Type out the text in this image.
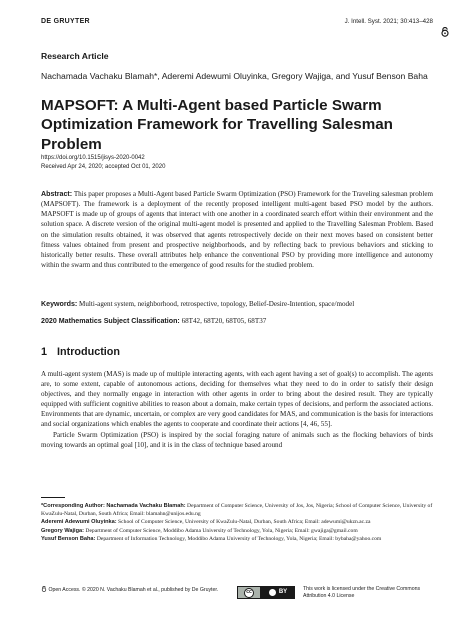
DE GRUYTER	J. Intell. Syst. 2021; 30:413–428
Research Article
Nachamada Vachaku Blamah*, Aderemi Adewumi Oluyinka, Gregory Wajiga, and Yusuf Benson Baha
MAPSOFT: A Multi-Agent based Particle Swarm Optimization Framework for Travelling Salesman Problem
https://doi.org/10.1515/jisys-2020-0042
Received Apr 24, 2020; accepted Oct 01, 2020
Abstract: This paper proposes a Multi-Agent based Particle Swarm Optimization (PSO) Framework for the Traveling salesman problem (MAPSOFT). The framework is a deployment of the recently proposed intelligent multi-agent based PSO model by the authors. MAPSOFT is made up of groups of agents that interact with one another in a coordinated search effort within their environment and the solution space. A discrete version of the original multi-agent model is presented and applied to the Travelling Salesman Problem. Based on the simulation results obtained, it was observed that agents retrospectively decide on their next moves based on consistent better fitness values obtained from present and prospective neighborhoods, and by reflecting back to previous behaviors and sticking to historically better results. These overall attributes help enhance the conventional PSO by providing more intelligence and autonomy within the swarm and thus contributed to the emergence of good results for the studied problem.
Keywords: Multi-agent system, neighborhood, retrospective, topology, Belief-Desire-Intention, space/model
2020 Mathematics Subject Classification: 68T42, 68T20, 68T05, 68T37
1 Introduction

A multi-agent system (MAS) is made up of multiple interacting agents, with each agent having a set of goal(s) to accomplish. The agents are, to some extent, capable of autonomous actions, deciding for themselves what they need to do in order to satisfy their design objectives, and they normally engage in interaction with other agents in order to bring about the desired result. They are typically equipped with sufficient cognitive abilities to reason about a domain, make certain types of decisions, and perform the associated actions. Environments that are dynamic, uncertain, or complex are very good candidates for MAS, and communication is the basis for interactions and social organizations which enables the agents to cooperate and coordinate their actions [4, 46, 55].

Particle Swarm Optimization (PSO) is inspired by the social foraging nature of animals such as the flocking behaviors of birds moving towards an optimal goal [10], and it is in the class of technique based around

*Corresponding Author: Nachamada Vachaku Blamah: Department of Computer Science, University of Jos, Jos, Nigeria; School of Computer Science, University of KwaZulu-Natal, Durban, South Africa; Email: blamahn@unijos.edu.ng
Aderemi Adewumi Oluyinka: School of Computer Science, University of KwaZulu-Natal, Durban, South Africa; Email: adewumi@ukzn.ac.za
Gregory Wajiga: Department of Computer Science, Moddibo Adama University of Technology, Yola, Nigeria; Email: gwajiga@gmail.com
Yusuf Benson Baha: Department of Information Technology, Moddibo Adama University of Technology, Yola, Nigeria; Email: bybaha@yahoo.com
Open Access. © 2020 N. Vachaku Blamah et al., published by De Gruyter.	cc	BY	This work is licensed under the Creative Commons Attribution 4.0 License
